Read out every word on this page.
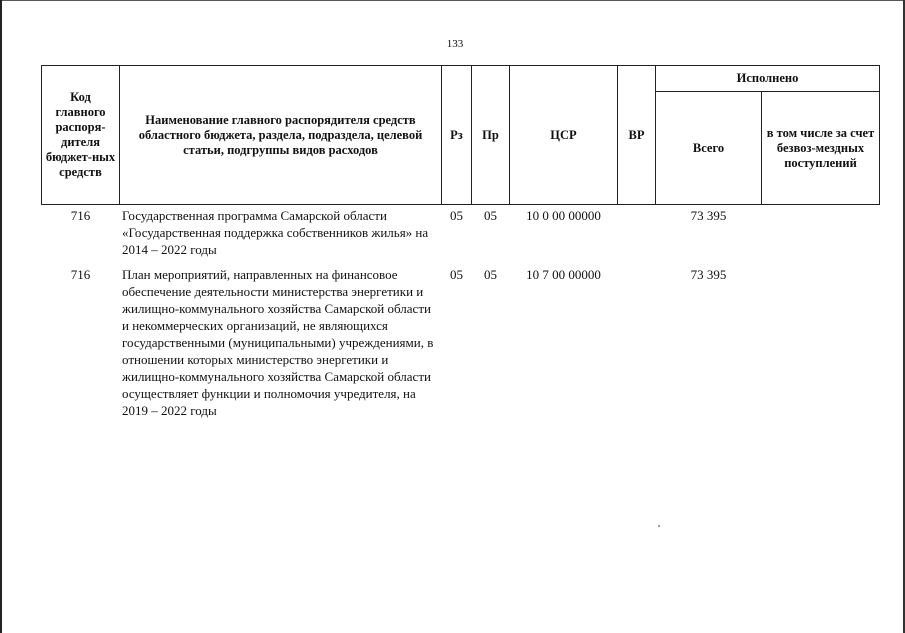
133
Код главного распоря-дителя бюджет-ных средств	Наименование главного распорядителя средств областного бюджета, раздела, подраздела, целевой статьи, подгруппы видов расходов	Рз	Пр	ЦСР	ВР	Исполнено	
						Всего	в том числе за счет безвоз-мездных поступлений
716	Государственная программа Самарской области «Государственная поддержка собственников жилья» на 2014 – 2022 годы	05	05	10 0 00 00000		73 395	
716	План мероприятий, направленных на финансовое обеспечение деятельности министерства энергетики и жилищно-коммунального хозяйства Самарской области и некоммерческих организаций, не являющихся государственными (муниципальными) учреждениями, в отношении которых министерство энергетики и жилищно-коммунального хозяйства Самарской области осуществляет функции и полномочия учредителя, на 2019 – 2022 годы	05	05	10 7 00 00000		73 395	
